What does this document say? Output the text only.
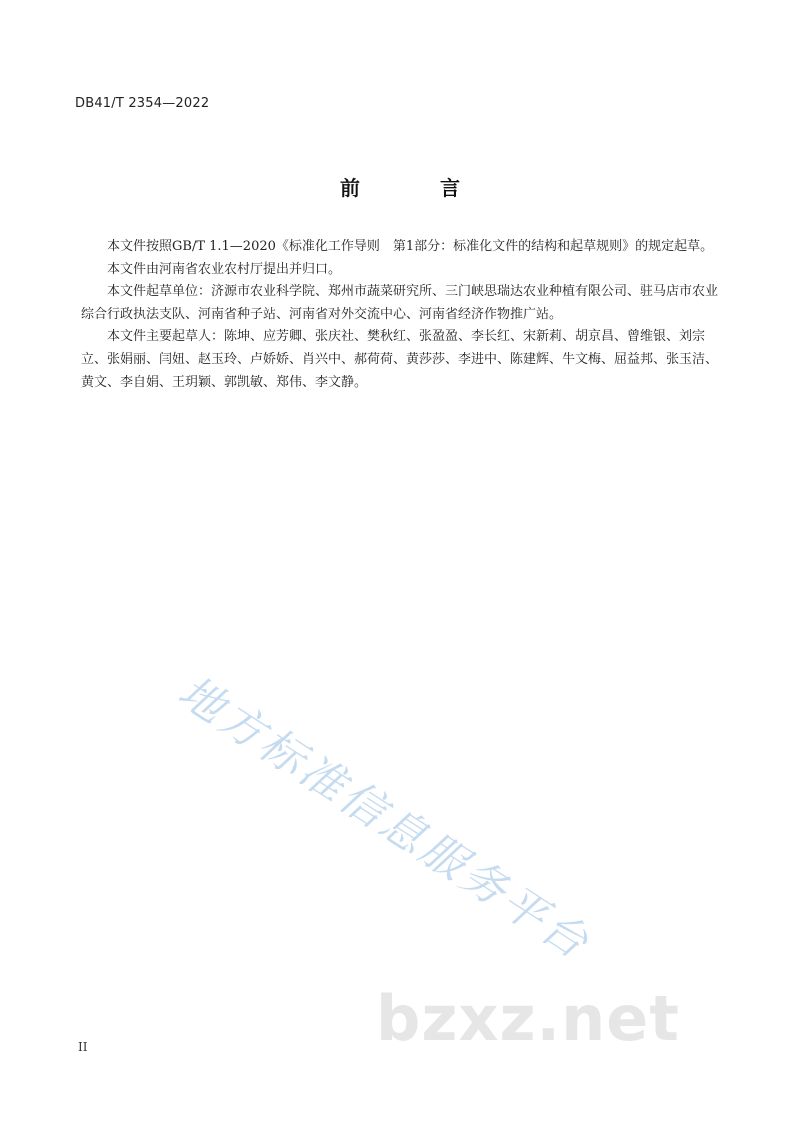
DB41/T 2354—2022
前　言

本文件按照GB/T 1.1—2020《标准化工作导则　第1部分：标准化文件的结构和起草规则》的规定起草。

本文件由河南省农业农村厅提出并归口。

本文件起草单位：济源市农业科学院、郑州市蔬菜研究所、三门峡思瑞达农业种植有限公司、驻马店市农业综合行政执法支队、河南省种子站、河南省对外交流中心、河南省经济作物推广站。

本文件主要起草人：陈坤、应芳卿、张庆社、樊秋红、张盈盈、李长红、宋新莉、胡京昌、曾维银、刘宗立、张娟丽、闫妞、赵玉玲、卢娇娇、肖兴中、郝荷荷、黄莎莎、李进中、陈建辉、牛文梅、屈益邦、张玉洁、黄文、李自娟、王玥颖、郭凯敏、郑伟、李文静。

地方标准信息服务平台
bzxz.net
II
